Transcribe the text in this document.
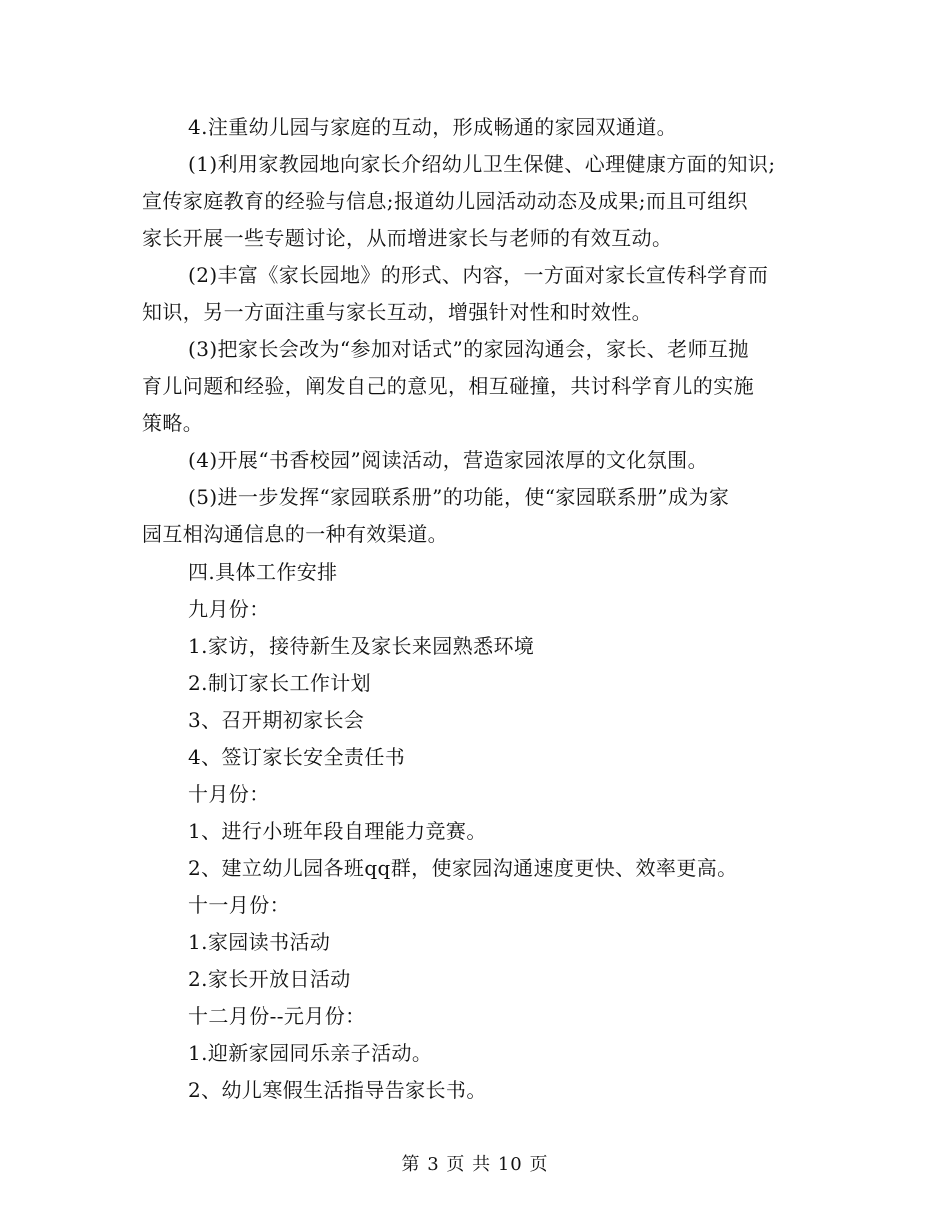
4.注重幼儿园与家庭的互动，形成畅通的家园双通道。
(1)利用家教园地向家长介绍幼儿卫生保健、心理健康方面的知识;
宣传家庭教育的经验与信息;报道幼儿园活动动态及成果;而且可组织
家长开展一些专题讨论，从而增进家长与老师的有效互动。
(2)丰富《家长园地》的形式、内容，一方面对家长宣传科学育而
知识，另一方面注重与家长互动，增强针对性和时效性。
(3)把家长会改为“参加对话式”的家园沟通会，家长、老师互抛
育儿问题和经验，阐发自己的意见，相互碰撞，共讨科学育儿的实施
策略。
(4)开展“书香校园”阅读活动，营造家园浓厚的文化氛围。
(5)进一步发挥“家园联系册”的功能，使“家园联系册”成为家
园互相沟通信息的一种有效渠道。
四.具体工作安排
九月份：
1.家访，接待新生及家长来园熟悉环境
2.制订家长工作计划
3、召开期初家长会
4、签订家长安全责任书
十月份：
1、进行小班年段自理能力竞赛。
2、建立幼儿园各班qq群，使家园沟通速度更快、效率更高。
十一月份：
1.家园读书活动
2.家长开放日活动
十二月份--元月份：
1.迎新家园同乐亲子活动。
2、幼儿寒假生活指导告家长书。
第 3 页 共 10 页
